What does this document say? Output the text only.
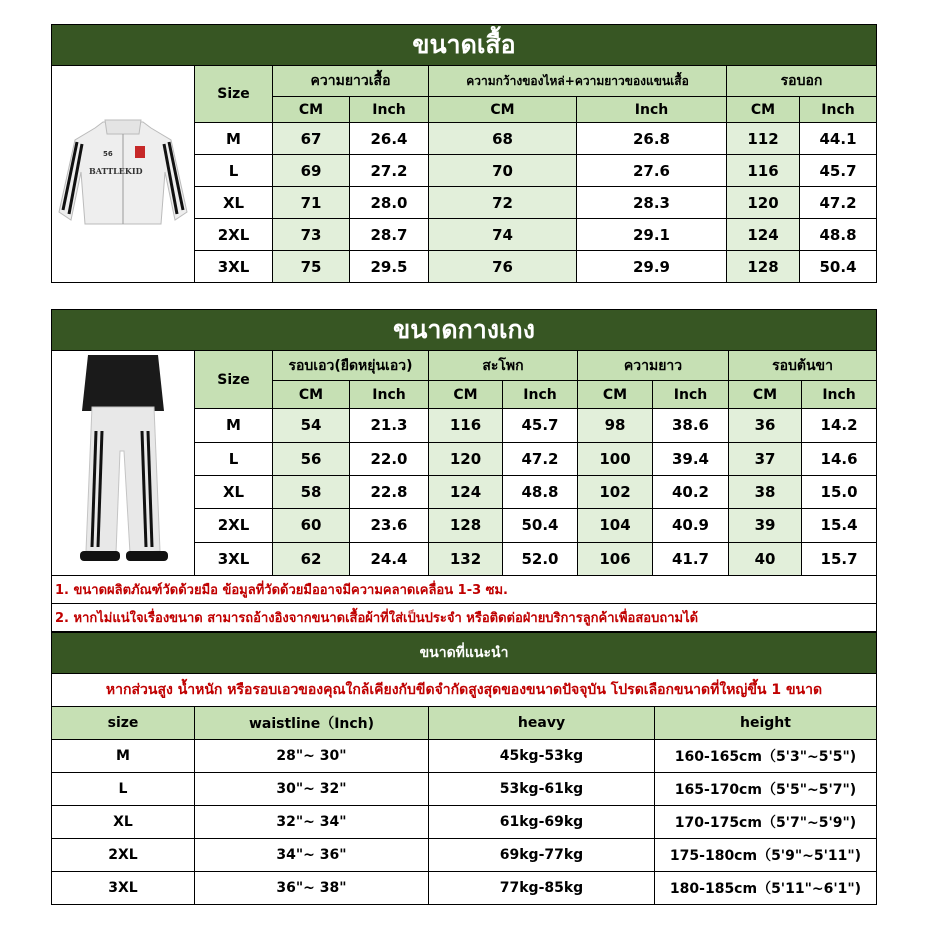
ขนาดเสื้อ							

56
BATTLEKID	Size	ความยาวเสื้อ		ความกว้างของไหล่+ความยาวของแขนเสื้อ		รอบอก	
		CM	Inch	CM	Inch	CM	Inch
	M	67	26.4	68	26.8	112	44.1
	L	69	27.2	70	27.6	116	45.7
	XL	71	28.0	72	28.3	120	47.2
	2XL	73	28.7	74	29.1	124	48.8
	3XL	75	29.5	76	29.9	128	50.4

ขนาดกางเกง									
	Size	รอบเอว(ยืดหยุ่นเอว)		สะโพก		ความยาว		รอบต้นขา	
		CM	Inch	CM	Inch	CM	Inch	CM	Inch
	M	54	21.3	116	45.7	98	38.6	36	14.2
	L	56	22.0	120	47.2	100	39.4	37	14.6
	XL	58	22.8	124	48.8	102	40.2	38	15.0
	2XL	60	23.6	128	50.4	104	40.9	39	15.4
	3XL	62	24.4	132	52.0	106	41.7	40	15.7
1. ขนาดผลิตภัณฑ์วัดด้วยมือ ข้อมูลที่วัดด้วยมืออาจมีความคลาดเคลื่อน 1-3 ซม.									
2. หากไม่แน่ใจเรื่องขนาด สามารถอ้างอิงจากขนาดเสื้อผ้าที่ใส่เป็นประจำ หรือติดต่อฝ่ายบริการลูกค้าเพื่อสอบถามได้									
ขนาดที่แนะนำ			
หากส่วนสูง น้ำหนัก หรือรอบเอวของคุณใกล้เคียงกับขีดจำกัดสูงสุดของขนาดปัจจุบัน โปรดเลือกขนาดที่ใหญ่ขึ้น 1 ขนาด			
size	waistline（Inch)	heavy	height
M	28"~ 30"	45kg-53kg	160-165cm（5'3"~5'5")
L	30"~ 32"	53kg-61kg	165-170cm（5'5"~5'7")
XL	32"~ 34"	61kg-69kg	170-175cm（5'7"~5'9")
2XL	34"~ 36"	69kg-77kg	175-180cm（5'9"~5'11")
3XL	36"~ 38"	77kg-85kg	180-185cm（5'11"~6'1")
